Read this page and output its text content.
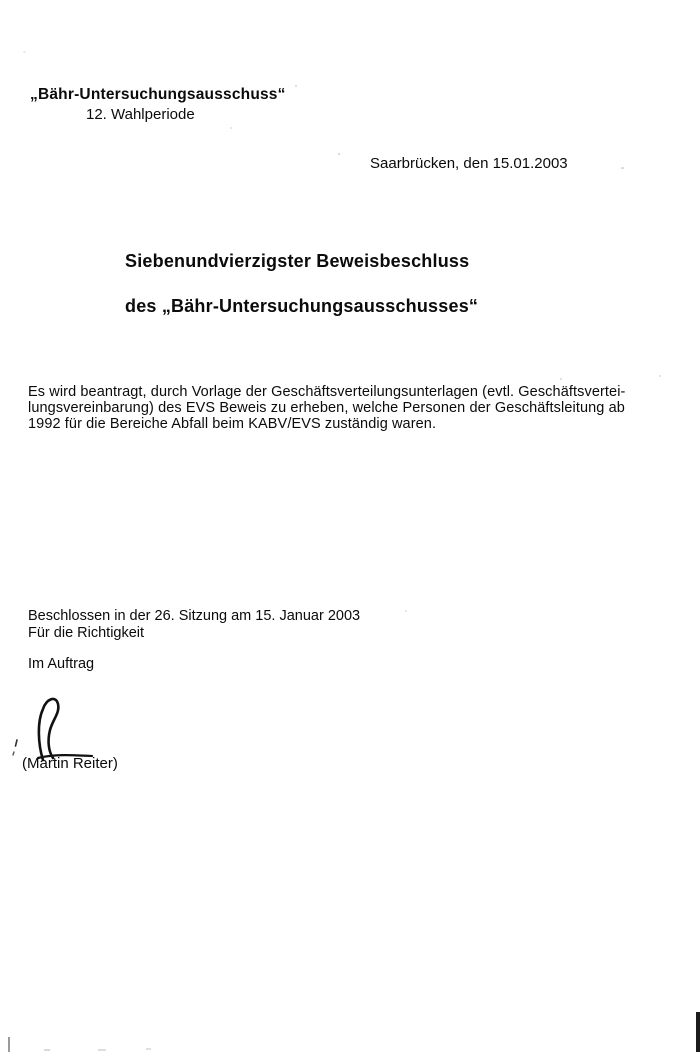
„Bähr-Untersuchungsausschuss“
12. Wahlperiode
Saarbrücken, den 15.01.2003
Siebenundvierzigster Beweisbeschluss
des „Bähr-Untersuchungsausschusses“
Es wird beantragt, durch Vorlage der Geschäftsverteilungsunterlagen (evtl. Geschäftsvertei-
lungsvereinbarung) des EVS Beweis zu erheben, welche Personen der Geschäftsleitung ab
1992 für die Bereiche Abfall beim KABV/EVS zuständig waren.
Beschlossen in der 26. Sitzung am 15. Januar 2003
Für die Richtigkeit
Im Auftrag
(Martin Reiter)
